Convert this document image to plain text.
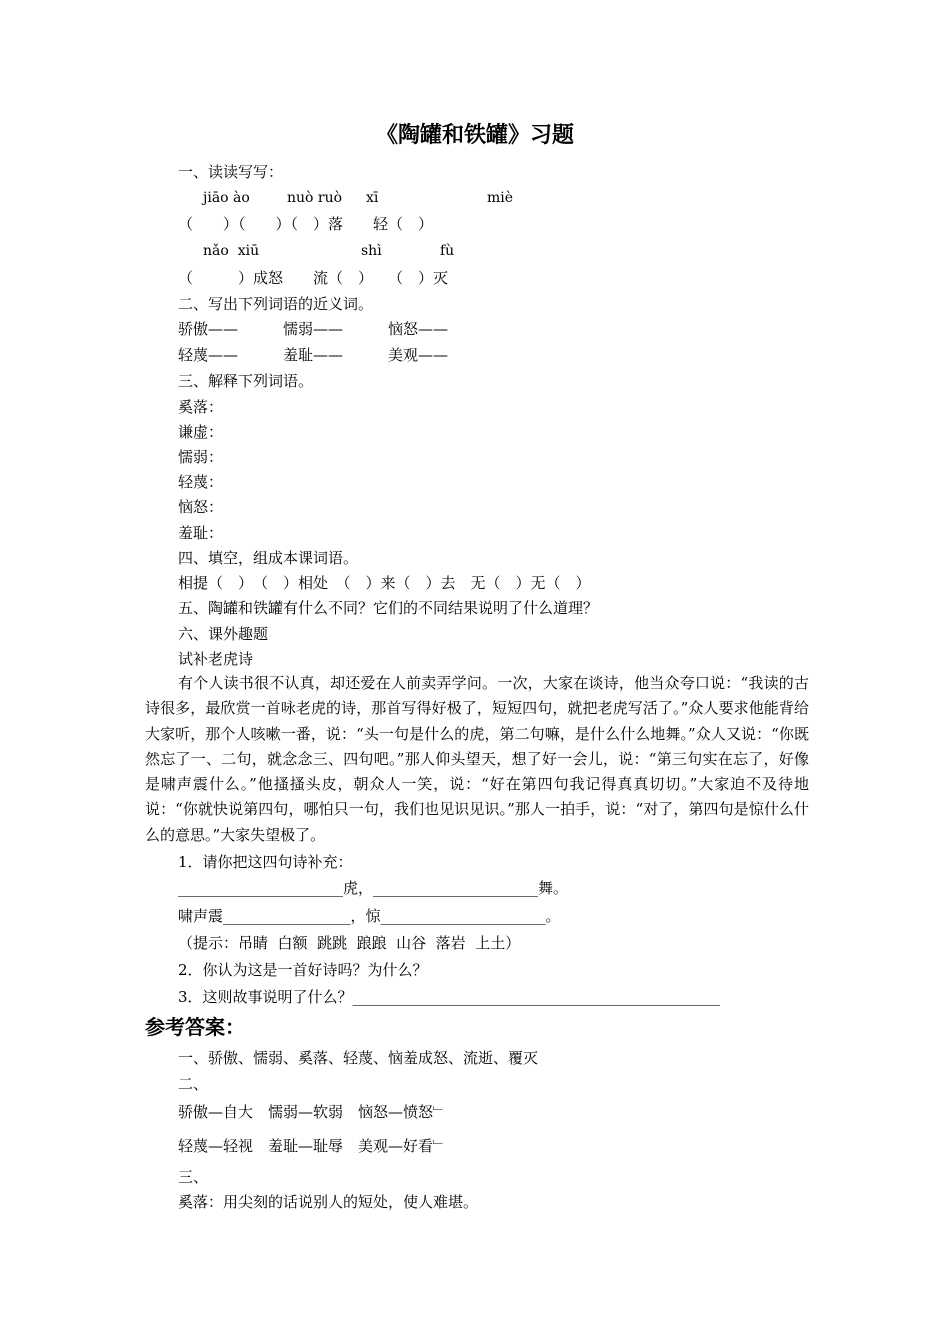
《陶罐和铁罐》习题
一、读读写写：
jiāo ào	nuò ruò xī	miè
（　　）（　　）（　）落　　轻（　）
nǎo  xiū	shì	fù
（　　　）成怒　　流（　）　　（　）灭
二、写出下列词语的近义词。
骄傲——　　　懦弱——　　　恼怒——
轻蔑——　　　羞耻——　　　美观——
三、解释下列词语。
奚落：
谦虚：
懦弱：
轻蔑：
恼怒：
羞耻：
四、填空，组成本课词语。
相提（　）　（　）相处　（　）来（　）去　无（　）无（　）
五、陶罐和铁罐有什么不同？它们的不同结果说明了什么道理？
六、课外趣题
试补老虎诗
有个人读书很不认真，却还爱在人前卖弄学问。一次，大家在谈诗，他当众夸口说：“我读的古诗很多，最欣赏一首咏老虎的诗，那首写得好极了，短短四句，就把老虎写活了。”众人要求他能背给大家听，那个人咳嗽一番，说：“头一句是什么的虎，第二句嘛，是什么什么地舞。”众人又说：“你既然忘了一、二句，就念念三、四句吧。”那人仰头望天，想了好一会儿，说：“第三句实在忘了，好像是啸声震什么。”他搔搔头皮，朝众人一笑，说：“好在第四句我记得真真切切。”大家迫不及待地说：“你就快说第四句，哪怕只一句，我们也见识见识。”那人一拍手，说：“对了，第四句是惊什么什么的意思。”大家失望极了。
1．请你把这四句诗补充：
______________________虎，______________________舞。
啸声震_________________，惊______________________。
（提示：吊睛  白额  跳跳  踉踉  山谷  落岩  上土）
2．你认为这是一首好诗吗？为什么？
3．这则故事说明了什么？_________________________________________________
参考答案：
一、骄傲、懦弱、奚落、轻蔑、恼羞成怒、流逝、覆灭
二、
骄傲—自大　懦弱—软弱　恼怒—愤怒﹂
轻蔑—轻视　羞耻—耻辱　美观—好看﹂
三、
奚落：用尖刻的话说别人的短处，使人难堪。
